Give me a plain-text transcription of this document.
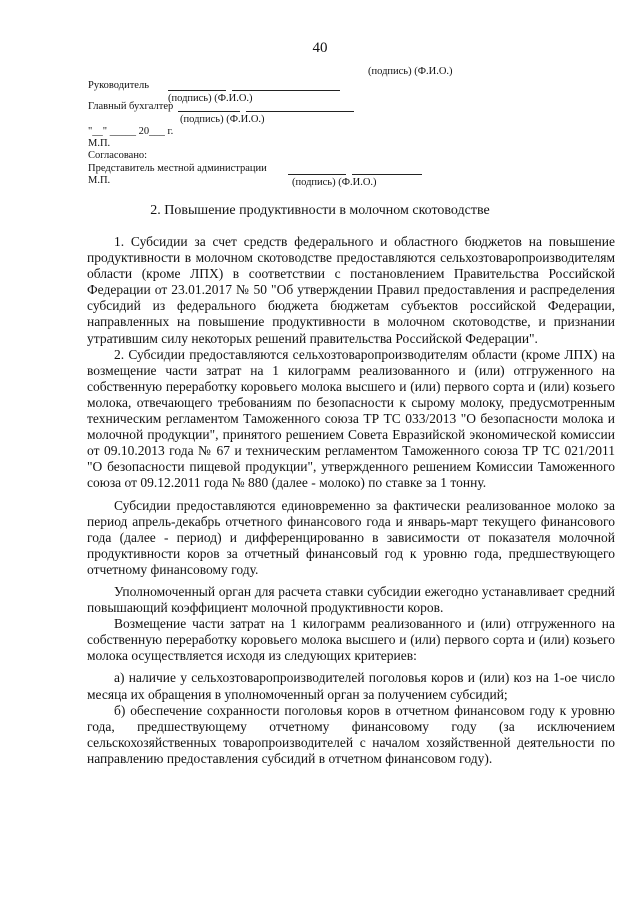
40
(подпись) (Ф.И.О.)
Руководитель
(подпись) (Ф.И.О.)
Главный бухгалтер
(подпись) (Ф.И.О.)
"__" _____ 20___ г.
М.П.
Согласовано:
Представитель местной администрации
М.П.	(подпись) (Ф.И.О.)
2. Повышение продуктивности в молочном скотоводстве

1. Субсидии за счет средств федерального и областного бюджетов на повышение продуктивности в молочном скотоводстве предоставляются сельхозтоваропроизводителям области (кроме ЛПХ) в соответствии с постановлением Правительства Российской Федерации от 23.01.2017 № 50 "Об утверждении Правил предоставления и распределения субсидий из федерального бюджета бюджетам субъектов российской Федерации, направленных на повышение продуктивности в молочном скотоводстве, и признании утратившим силу некоторых решений правительства Российской Федерации".

2. Субсидии предоставляются сельхозтоваропроизводителям области (кроме ЛПХ) на возмещение части затрат на 1 килограмм реализованного и (или) отгруженного на собственную переработку коровьего молока высшего и (или) первого сорта и (или) козьего молока, отвечающего требованиям по безопасности к сырому молоку, предусмотренным техническим регламентом Таможенного союза ТР ТС 033/2013 "О безопасности молока и молочной продукции", принятого решением Совета Евразийской экономической комиссии от 09.10.2013 года № 67 и техническим регламентом Таможенного союза ТР ТС 021/2011 "О безопасности пищевой продукции", утвержденного решением Комиссии Таможенного союза от 09.12.2011 года № 880 (далее - молоко) по ставке за 1 тонну.

Субсидии предоставляются единовременно за фактически реализованное молоко за период апрель-декабрь отчетного финансового года и январь-март текущего финансового года (далее - период) и дифференцированно в зависимости от показателя молочной продуктивности коров за отчетный финансовый год к уровню года, предшествующего отчетному финансовому году.

Уполномоченный орган для расчета ставки субсидии ежегодно устанавливает средний повышающий коэффициент молочной продуктивности коров.

Возмещение части затрат на 1 килограмм реализованного и (или) отгруженного на собственную переработку коровьего молока высшего и (или) первого сорта и (или) козьего молока осуществляется исходя из следующих критериев:

а) наличие у сельхозтоваропроизводителей поголовья коров и (или) коз на 1-ое число месяца их обращения в уполномоченный орган за получением субсидий;

б) обеспечение сохранности поголовья коров в отчетном финансовом году к уровню года, предшествующему отчетному финансовому году (за исключением сельскохозяйственных товаропроизводителей с началом хозяйственной деятельности по направлению предоставления субсидий в отчетном финансовом году).
